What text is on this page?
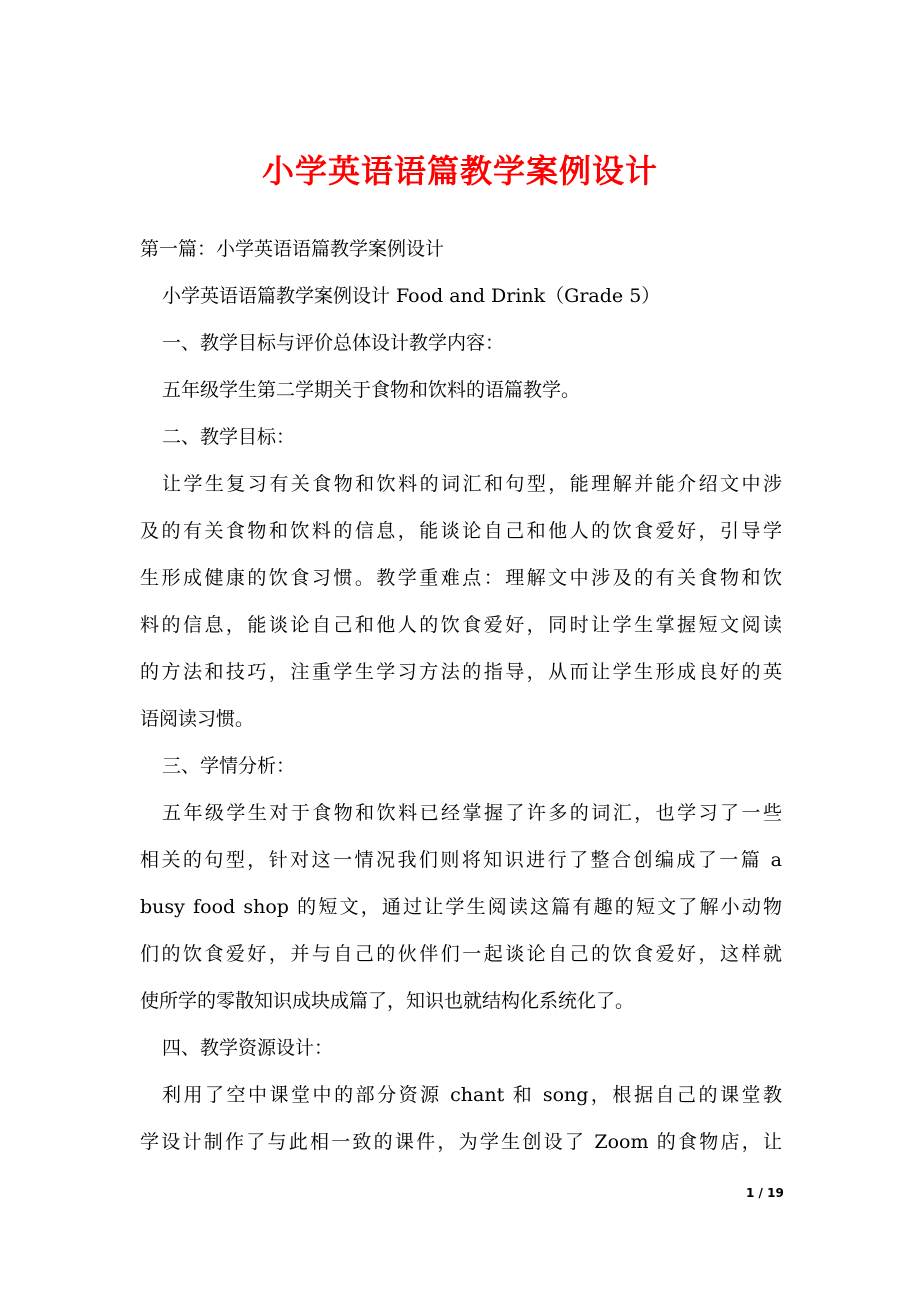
小学英语语篇教学案例设计
第一篇：小学英语语篇教学案例设计
小学英语语篇教学案例设计 Food and Drink（Grade 5）
一、教学目标与评价总体设计教学内容：
五年级学生第二学期关于食物和饮料的语篇教学。
二、教学目标：
让学生复习有关食物和饮料的词汇和句型，能理解并能介绍文中涉
及的有关食物和饮料的信息，能谈论自己和他人的饮食爱好，引导学
生形成健康的饮食习惯。教学重难点：理解文中涉及的有关食物和饮
料的信息，能谈论自己和他人的饮食爱好，同时让学生掌握短文阅读
的方法和技巧，注重学生学习方法的指导，从而让学生形成良好的英
语阅读习惯。
三、学情分析：
五年级学生对于食物和饮料已经掌握了许多的词汇，也学习了一些
相关的句型，针对这一情况我们则将知识进行了整合创编成了一篇 a
busy food shop 的短文，通过让学生阅读这篇有趣的短文了解小动物
们的饮食爱好，并与自己的伙伴们一起谈论自己的饮食爱好，这样就
使所学的零散知识成块成篇了，知识也就结构化系统化了。
四、教学资源设计：
利用了空中课堂中的部分资源 chant 和 song，根据自己的课堂教
学设计制作了与此相一致的课件，为学生创设了 Zoom 的食物店，让
1 / 19
